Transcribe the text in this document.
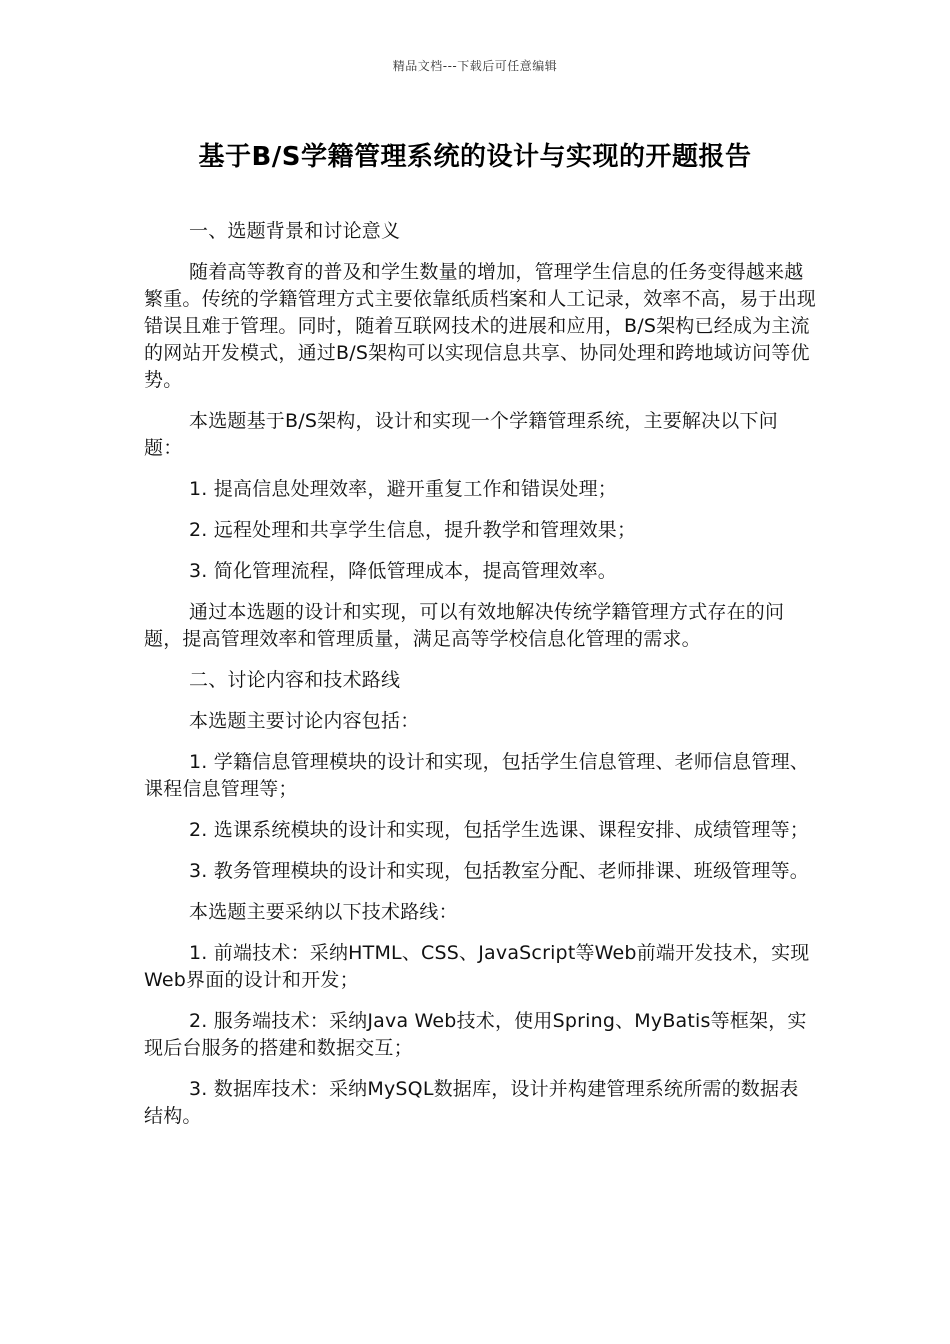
精品文档---下载后可任意编辑
基于B/S学籍管理系统的设计与实现的开题报告

一、选题背景和讨论意义

随着高等教育的普及和学生数量的增加，管理学生信息的任务变得越来越繁重。传统的学籍管理方式主要依靠纸质档案和人工记录，效率不高，易于出现错误且难于管理。同时，随着互联网技术的进展和应用，B/S架构已经成为主流的网站开发模式，通过B/S架构可以实现信息共享、协同处理和跨地域访问等优势。

本选题基于B/S架构，设计和实现一个学籍管理系统，主要解决以下问题：

1. 提高信息处理效率，避开重复工作和错误处理；

2. 远程处理和共享学生信息，提升教学和管理效果；

3. 简化管理流程，降低管理成本，提高管理效率。

通过本选题的设计和实现，可以有效地解决传统学籍管理方式存在的问题，提高管理效率和管理质量，满足高等学校信息化管理的需求。

二、讨论内容和技术路线

本选题主要讨论内容包括：

1. 学籍信息管理模块的设计和实现，包括学生信息管理、老师信息管理、课程信息管理等；

2. 选课系统模块的设计和实现，包括学生选课、课程安排、成绩管理等；

3. 教务管理模块的设计和实现，包括教室分配、老师排课、班级管理等。

本选题主要采纳以下技术路线：

1. 前端技术：采纳HTML、CSS、JavaScript等Web前端开发技术，实现Web界面的设计和开发；

2. 服务端技术：采纳Java Web技术，使用Spring、MyBatis等框架，实现后台服务的搭建和数据交互；

3. 数据库技术：采纳MySQL数据库，设计并构建管理系统所需的数据表结构。
